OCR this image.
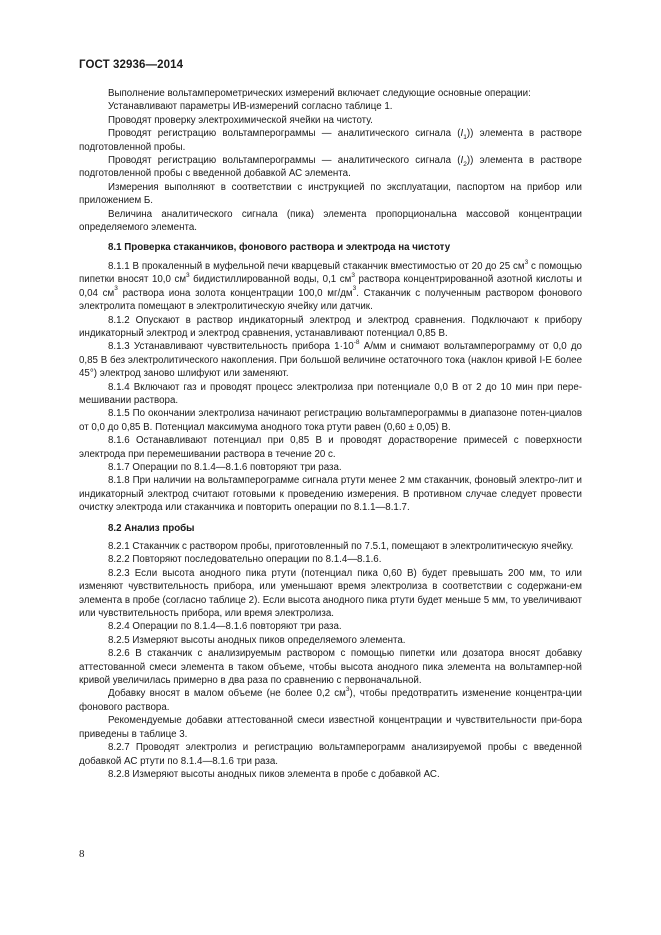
ГОСТ 32936—2014

Выполнение вольтамперометрических измерений включает следующие основные операции:

Устанавливают параметры ИВ-измерений согласно таблице 1.

Проводят проверку электрохимической ячейки на чистоту.

Проводят регистрацию вольтамперограммы — аналитического сигнала $(I_1)$) элемента в растворе подготовленной пробы.

Проводят регистрацию вольтамперограммы — аналитического сигнала $(I_2)$) элемента в растворе подготовленной пробы с введенной добавкой АС элемента.

Измерения выполняют в соответствии с инструкцией по эксплуатации, паспортом на прибор или приложением Б.

Величина аналитического сигнала (пика) элемента пропорциональна массовой концентрации определяемого элемента.

8.1 Проверка стаканчиков, фонового раствора и электрода на чистоту

8.1.1 В прокаленный в муфельной печи кварцевый стаканчик вместимостью от 20 до 25 $см^3$ с помощью пипетки вносят 10,0 $см^3$ бидистиллированной воды, 0,1 $см^3$ раствора концентрированной азотной кислоты и 0,04 $см^3$ раствора иона золота концентрации 100,0 $мг/дм^3$. Стаканчик с полученным раствором фонового электролита помещают в электролитическую ячейку или датчик.

8.1.2 Опускают в раствор индикаторный электрод и электрод сравнения. Подключают к прибору индикаторный электрод и электрод сравнения, устанавливают потенциал 0,85 В.

8.1.3 Устанавливают чувствительность прибора $1\cdot 10^{-8}$ А/мм и снимают вольтамперограмму от 0,0 до 0,85 В без электролитического накопления. При большой величине остаточного тока (наклон кривой I-E более 45°) электрод заново шлифуют или заменяют.

8.1.4 Включают газ и проводят процесс электролиза при потенциале 0,0 В от 2 до 10 мин при пере-мешивании раствора.

8.1.5 По окончании электролиза начинают регистрацию вольтамперограммы в диапазоне потен-циалов от 0,0 до 0,85 В. Потенциал максимума анодного тока ртути равен (0,60 ± 0,05) В.

8.1.6 Останавливают потенциал при 0,85 В и проводят дорастворение примесей с поверхности электрода при перемешивании раствора в течение 20 с.

8.1.7 Операции по 8.1.4—8.1.6 повторяют три раза.

8.1.8 При наличии на вольтамперограмме сигнала ртути менее 2 мм стаканчик, фоновый электро-лит и индикаторный электрод считают готовыми к проведению измерения. В противном случае следует провести очистку электрода или стаканчика и повторить операции по 8.1.1—8.1.7.

8.2 Анализ пробы

8.2.1 Стаканчик с раствором пробы, приготовленный по 7.5.1, помещают в электролитическую ячейку.

8.2.2 Повторяют последовательно операции по 8.1.4—8.1.6.

8.2.3 Если высота анодного пика ртути (потенциал пика 0,60 В) будет превышать 200 мм, то или изменяют чувствительность прибора, или уменьшают время электролиза в соответствии с содержани-ем элемента в пробе (согласно таблице 2). Если высота анодного пика ртути будет меньше 5 мм, то увеличивают или чувствительность прибора, или время электролиза.

8.2.4 Операции по 8.1.4—8.1.6 повторяют три раза.

8.2.5 Измеряют высоты анодных пиков определяемого элемента.

8.2.6 В стаканчик с анализируемым раствором с помощью пипетки или дозатора вносят добавку аттестованной смеси элемента в таком объеме, чтобы высота анодного пика элемента на вольтампер-ной кривой увеличилась примерно в два раза по сравнению с первоначальной.

Добавку вносят в малом объеме (не более 0,2 $см^3$), чтобы предотвратить изменение концентра-ции фонового раствора.

Рекомендуемые добавки аттестованной смеси известной концентрации и чувствительности при-бора приведены в таблице 3.

8.2.7 Проводят электролиз и регистрацию вольтамперограмм анализируемой пробы с введенной добавкой АС ртути по 8.1.4—8.1.6 три раза.

8.2.8 Измеряют высоты анодных пиков элемента в пробе с добавкой АС.

8
